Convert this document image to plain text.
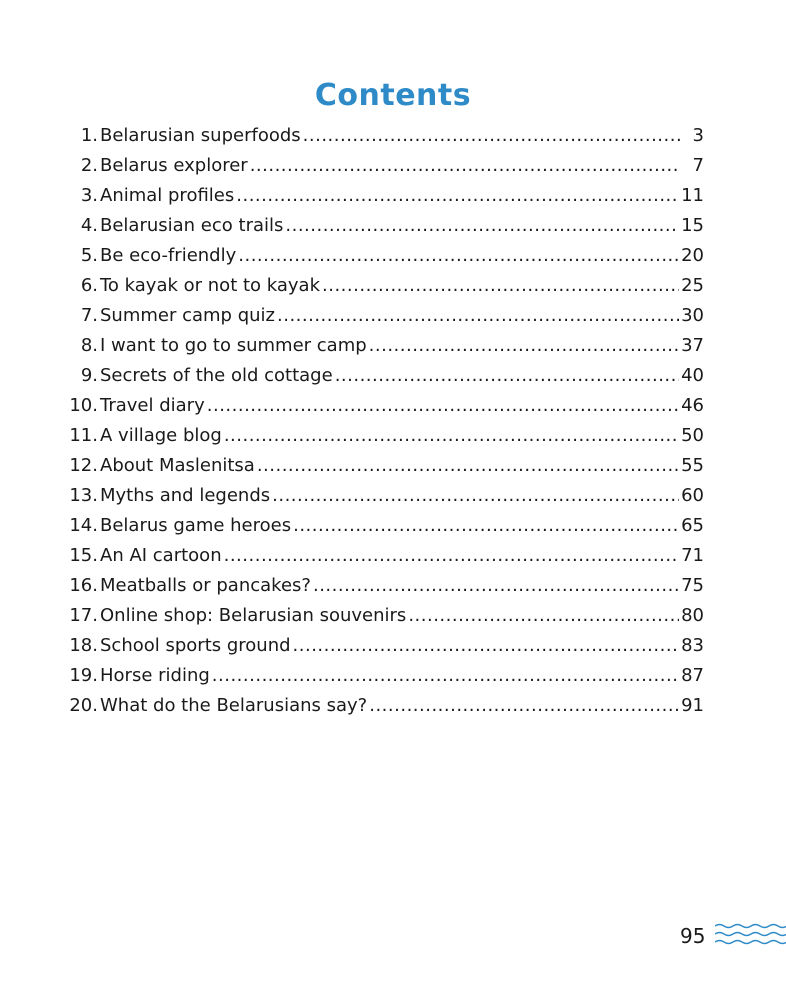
Contents
1. Belarusian superfoods .....	3
2. Belarus explorer .....	7
3. Animal profiles .....	11
4. Belarusian eco trails .....	15
5. Be eco-friendly .....	20
6. To kayak or not to kayak .....	25
7. Summer camp quiz .....	30
8. I want to go to summer camp .....	37
9. Secrets of the old cottage .....	40
10. Travel diary .....	46
11. A village blog .....	50
12. About Maslenitsa .....	55
13. Myths and legends .....	60
14. Belarus game heroes .....	65
15. An AI cartoon .....	71
16. Meatballs or pancakes? .....	75
17. Online shop: Belarusian souvenirs .....	80
18. School sports ground .....	83
19. Horse riding .....	87
20. What do the Belarusians say? .....	91
95
